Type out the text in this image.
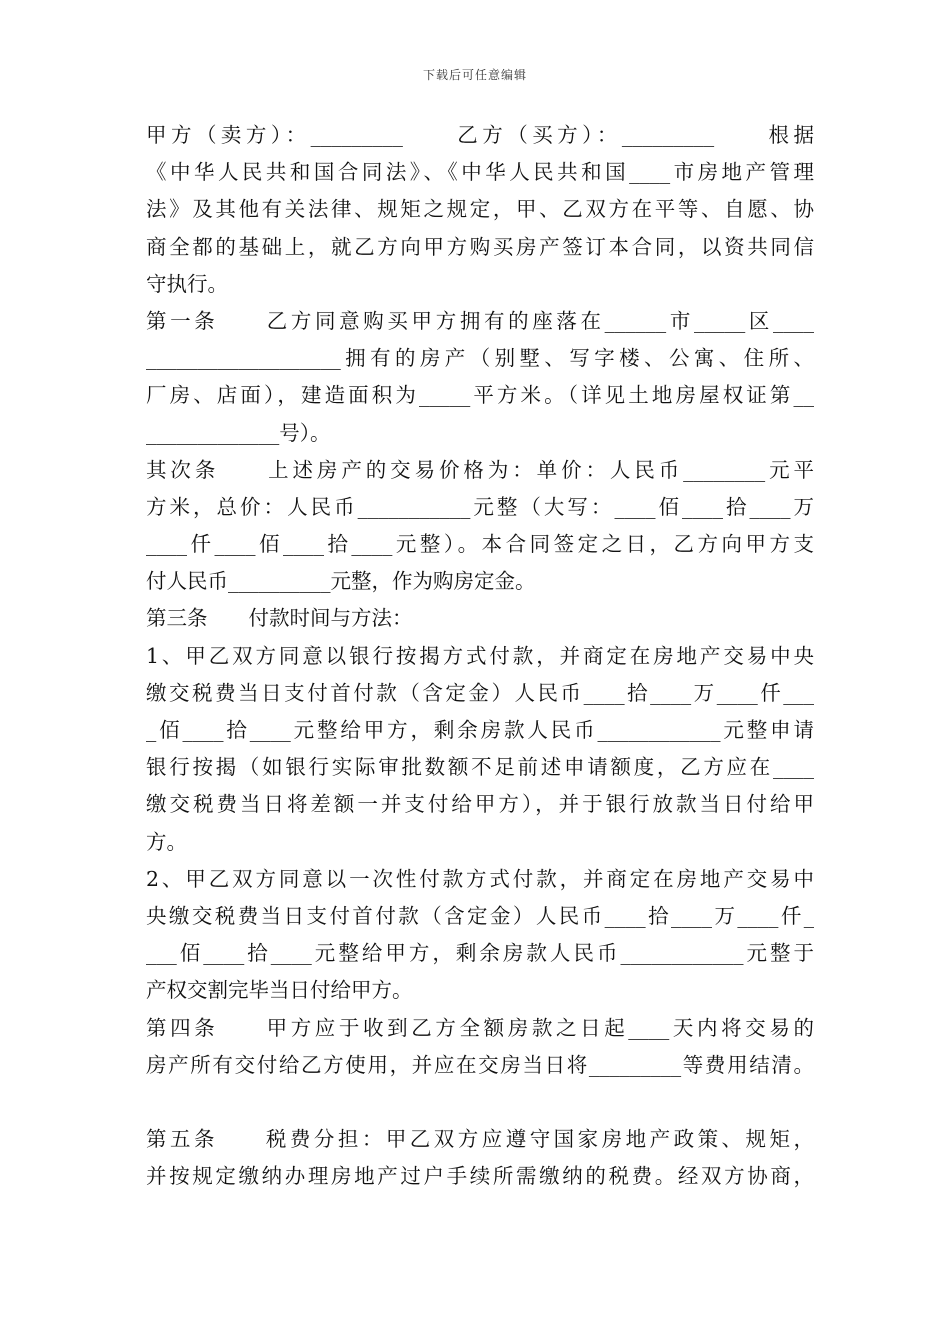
下载后可任意编辑
甲方（卖方）：_________　　乙方（买方）：_________　　根据
《中华人民共和国合同法》、《中华人民共和国____市房地产管理
法》及其他有关法律、规矩之规定，甲、乙双方在平等、自愿、协
商全都的基础上，就乙方向甲方购买房产签订本合同，以资共同信
守执行。
第一条　　乙方同意购买甲方拥有的座落在______市_____区____
___________________拥有的房产（别墅、写字楼、公寓、住所、
厂房、店面），建造面积为_____平方米。（详见土地房屋权证第__
_____________号）。
其次条　　上述房产的交易价格为：单价：人民币________元平
方米，总价：人民币___________元整（大写：____佰____拾____万
____仟____佰____拾____元整）。本合同签定之日，乙方向甲方支
付人民币__________元整，作为购房定金。
第三条　　付款时间与方法：
1、甲乙双方同意以银行按揭方式付款，并商定在房地产交易中央
缴交税费当日支付首付款（含定金）人民币____拾____万____仟___
_佰____拾____元整给甲方，剩余房款人民币____________元整申请
银行按揭（如银行实际审批数额不足前述申请额度，乙方应在____
缴交税费当日将差额一并支付给甲方），并于银行放款当日付给甲
方。
2、甲乙双方同意以一次性付款方式付款，并商定在房地产交易中
央缴交税费当日支付首付款（含定金）人民币____拾____万____仟_
___佰____拾____元整给甲方，剩余房款人民币____________元整于
产权交割完毕当日付给甲方。
第四条　　甲方应于收到乙方全额房款之日起____天内将交易的
房产所有交付给乙方使用，并应在交房当日将_________等费用结清。
第五条　　税费分担：甲乙双方应遵守国家房地产政策、规矩，
并按规定缴纳办理房地产过户手续所需缴纳的税费。经双方协商，
